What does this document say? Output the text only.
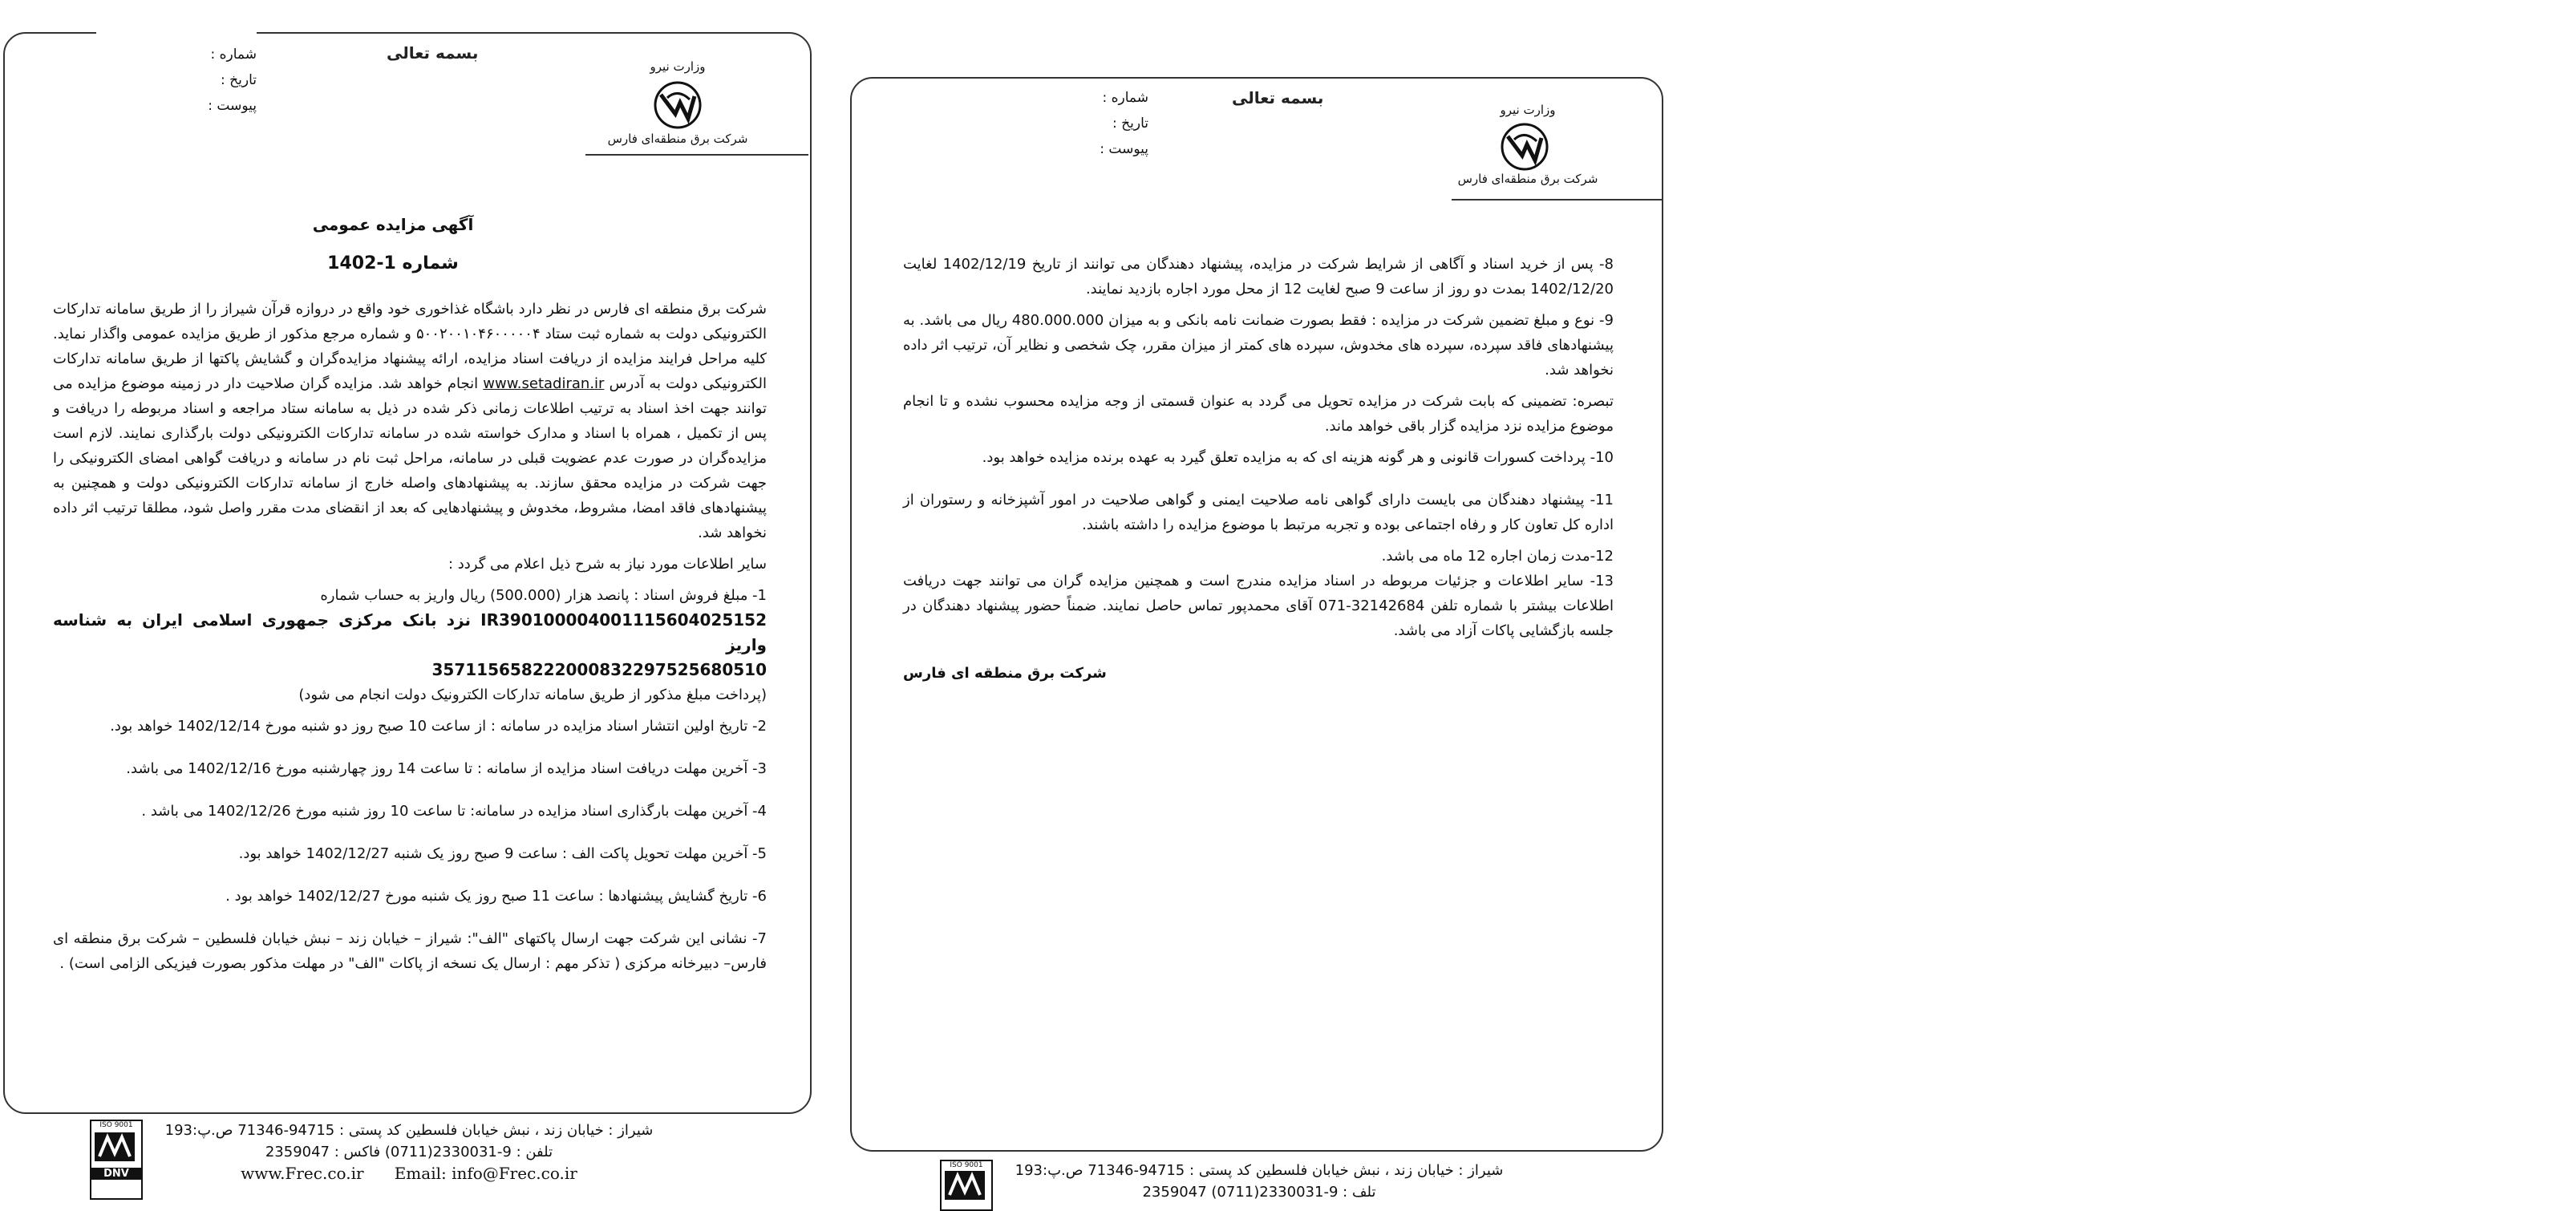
شماره :
تاریخ :
پیوست :
بسمه تعالی
وزارت نیرو
شرکت برق منطقه‌ای فارس
آگهی مزایده عمومی
شماره 1-1402

شرکت برق منطقه ای فارس در نظر دارد باشگاه غذاخوری خود واقع در دروازه قرآن شیراز را از طریق سامانه تدارکات الکترونیکی دولت به شماره ثبت ستاد ۵۰۰۲۰۰۱۰۴۶۰۰۰۰۰۴ و شماره مرجع مذکور از طریق مزایده عمومی واگذار نماید. کلیه مراحل فرایند مزایده از دریافت اسناد مزایده، ارائه پیشنهاد مزایده‌گران و گشایش پاکتها از طریق سامانه تدارکات الکترونیکی دولت به آدرس www.setadiran.ir انجام خواهد شد. مزایده گران صلاحیت دار در زمینه موضوع مزایده می توانند جهت اخذ اسناد به ترتیب اطلاعات زمانی ذکر شده در ذیل به سامانه ستاد مراجعه و اسناد مربوطه را دریافت و پس از تکمیل ، همراه با اسناد و مدارک خواسته شده در سامانه تدارکات الکترونیکی دولت بارگذاری نمایند. لازم است مزایده‌گران در صورت عدم عضویت قبلی در سامانه، مراحل ثبت نام در سامانه و دریافت گواهی امضای الکترونیکی را جهت شرکت در مزایده محقق سازند. به پیشنهادهای واصله خارج از سامانه تدارکات الکترونیکی دولت و همچنین به پیشنهادهای فاقد امضا، مشروط، مخدوش و پیشنهادهایی که بعد از انقضای مدت مقرر واصل شود، مطلقا ترتیب اثر داده نخواهد شد.

سایر اطلاعات مورد نیاز به شرح ذیل اعلام می گردد :

1- مبلغ فروش اسناد : پانصد هزار (500.000) ریال واریز به حساب شماره
IR390100004001115604025152 نزد بانک مرکزی جمهوری اسلامی ایران به شناسه واریز
357115658222000832297525680510
(پرداخت مبلغ مذکور از طریق سامانه تدارکات الکترونیک دولت انجام می شود)

2- تاریخ اولین انتشار اسناد مزایده در سامانه : از ساعت 10 صبح روز دو شنبه مورخ 1402/12/14 خواهد بود.

3- آخرین مهلت دریافت اسناد مزایده از سامانه : تا ساعت 14 روز چهارشنبه مورخ 1402/12/16 می باشد.

4- آخرین مهلت بارگذاری اسناد مزایده در سامانه: تا ساعت 10 روز شنبه مورخ 1402/12/26 می باشد .

5- آخرین مهلت تحویل پاکت الف : ساعت 9 صبح روز یک شنبه 1402/12/27 خواهد بود.

6- تاریخ گشایش پیشنهادها : ساعت 11 صبح روز یک شنبه مورخ 1402/12/27 خواهد بود .

7- نشانی این شرکت جهت ارسال پاکتهای "الف": شیراز – خیابان زند – نبش خیابان فلسطین – شرکت برق منطقه ای فارس– دبیرخانه مرکزی ( تذکر مهم : ارسال یک نسخه از پاکات "الف" در مهلت مذکور بصورت فیزیکی الزامی است) .

ISO 9001
DNV
شیراز : خیابان زند ، نبش خیابان فلسطین کد پستی : 94715-71346 ص.پ:193
تلفن : 9-2330031(0711) فاکس : 2359047
www.Frec.co.ir Email: info@Frec.co.ir
شماره :
تاریخ :
پیوست :
بسمه تعالی
وزارت نیرو
شرکت برق منطقه‌ای فارس

8- پس از خرید اسناد و آگاهی از شرایط شرکت در مزایده، پیشنهاد دهندگان می توانند از تاریخ 1402/12/19 لغایت 1402/12/20 بمدت دو روز از ساعت 9 صبح لغایت 12 از محل مورد اجاره بازدید نمایند.

9- نوع و مبلغ تضمین شرکت در مزایده : فقط بصورت ضمانت نامه بانکی و به میزان 480.000.000 ریال می باشد. به پیشنهادهای فاقد سپرده، سپرده های مخدوش، سپرده های کمتر از میزان مقرر، چک شخصی و نظایر آن، ترتیب اثر داده نخواهد شد.

تبصره: تضمینی که بابت شرکت در مزایده تحویل می گردد به عنوان قسمتی از وجه مزایده محسوب نشده و تا انجام موضوع مزایده نزد مزایده گزار باقی خواهد ماند.

10- پرداخت کسورات قانونی و هر گونه هزینه ای که به مزایده تعلق گیرد به عهده برنده مزایده خواهد بود.

11- پیشنهاد دهندگان می بایست دارای گواهی نامه صلاحیت ایمنی و گواهی صلاحیت در امور آشپزخانه و رستوران از اداره کل تعاون کار و رفاه اجتماعی بوده و تجربه مرتبط با موضوع مزایده را داشته باشند.

12-مدت زمان اجاره 12 ماه می باشد.

13- سایر اطلاعات و جزئیات مربوطه در اسناد مزایده مندرج است و همچنین مزایده گران می توانند جهت دریافت اطلاعات بیشتر با شماره تلفن 32142684-071 آقای محمدپور تماس حاصل نمایند. ضمناً حضور پیشنهاد دهندگان در جلسه بازگشایی پاکات آزاد می باشد.

شرکت برق منطقه ای فارس

ISO 9001	شیراز : خیابان زند ، نبش خیابان فلسطین کد پستی : 94715-71346 ص.پ:193
تلف : 9-2330031(0711) 2359047
